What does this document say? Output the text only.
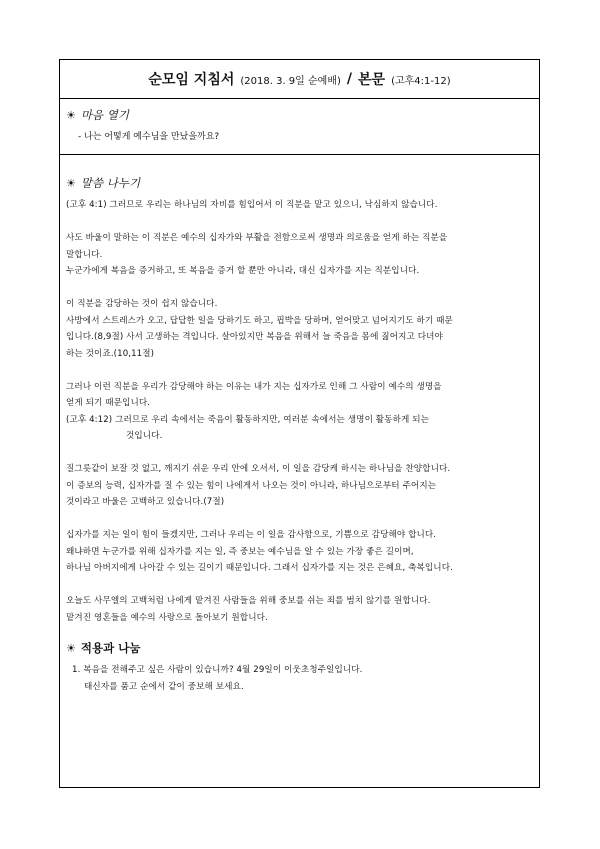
순모임 지침서 (2018. 3. 9일 순예배) / 본문 (고후4:1-12)
☀ 마음 열기
- 나는 어떻게 예수님을 만났을까요?
☀ 말씀 나누기

(고후 4:1) 그러므로 우리는 하나님의 자비를 힘입어서 이 직분을 맡고 있으니, 낙심하지 않습니다.

사도 바울이 말하는 이 직분은 예수의 십자가와 부활을 전함으로써 생명과 의로움을 얻게 하는 직분을

말합니다.

누군가에게 복음을 증거하고, 또 복음을 증거 할 뿐만 아니라, 대신 십자가를 지는 직분입니다.

이 직분을 감당하는 것이 쉽지 않습니다.

사방에서 스트레스가 오고, 답답한 일을 당하기도 하고, 핍박을 당하며, 얻어맞고 넘어지기도 하기 때문

입니다.(8,9절) 사서 고생하는 격입니다. 살아있지만 복음을 위해서 늘 죽음을 몸에 짊어지고 다녀야

하는 것이죠.(10,11절)

그러나 이런 직분을 우리가 감당해야 하는 이유는 내가 지는 십자가로 인해 그 사람이 예수의 생명을

얻게 되기 때문입니다.

(고후 4:12) 그러므로 우리 속에서는 죽음이 활동하지만, 여러분 속에서는 생명이 활동하게 되는

것입니다.

질그릇같이 보잘 것 없고, 깨지기 쉬운 우리 안에 오셔서, 이 일을 감당케 하시는 하나님을 찬양합니다.

이 증보의 능력, 십자가를 질 수 있는 힘이 나에게서 나오는 것이 아니라, 하나님으로부터 주어지는

것이라고 바울은 고백하고 있습니다.(7절)

십자가를 지는 일이 힘이 들겠지만, 그러나 우리는 이 일을 감사함으로, 기쁨으로 감당해야 합니다.

왜냐하면 누군가를 위해 십자가를 지는 일, 즉 중보는 예수님을 알 수 있는 가장 좋은 길이며,

하나님 아버지에게 나아갈 수 있는 길이기 때문입니다. 그래서 십자가를 지는 것은 은혜요, 축복입니다.

오늘도 사무엘의 고백처럼 나에게 맡겨진 사람들을 위해 중보를 쉬는 죄를 범치 않기를 원합니다.

맡겨진 영혼들을 예수의 사랑으로 돌아보기 원합니다.

☀ 적용과 나눔

1. 복음을 전해주고 싶은 사람이 있습니까? 4월 29일이 이웃초청주일입니다.

태신자를 품고 순에서 같이 중보해 보세요.
